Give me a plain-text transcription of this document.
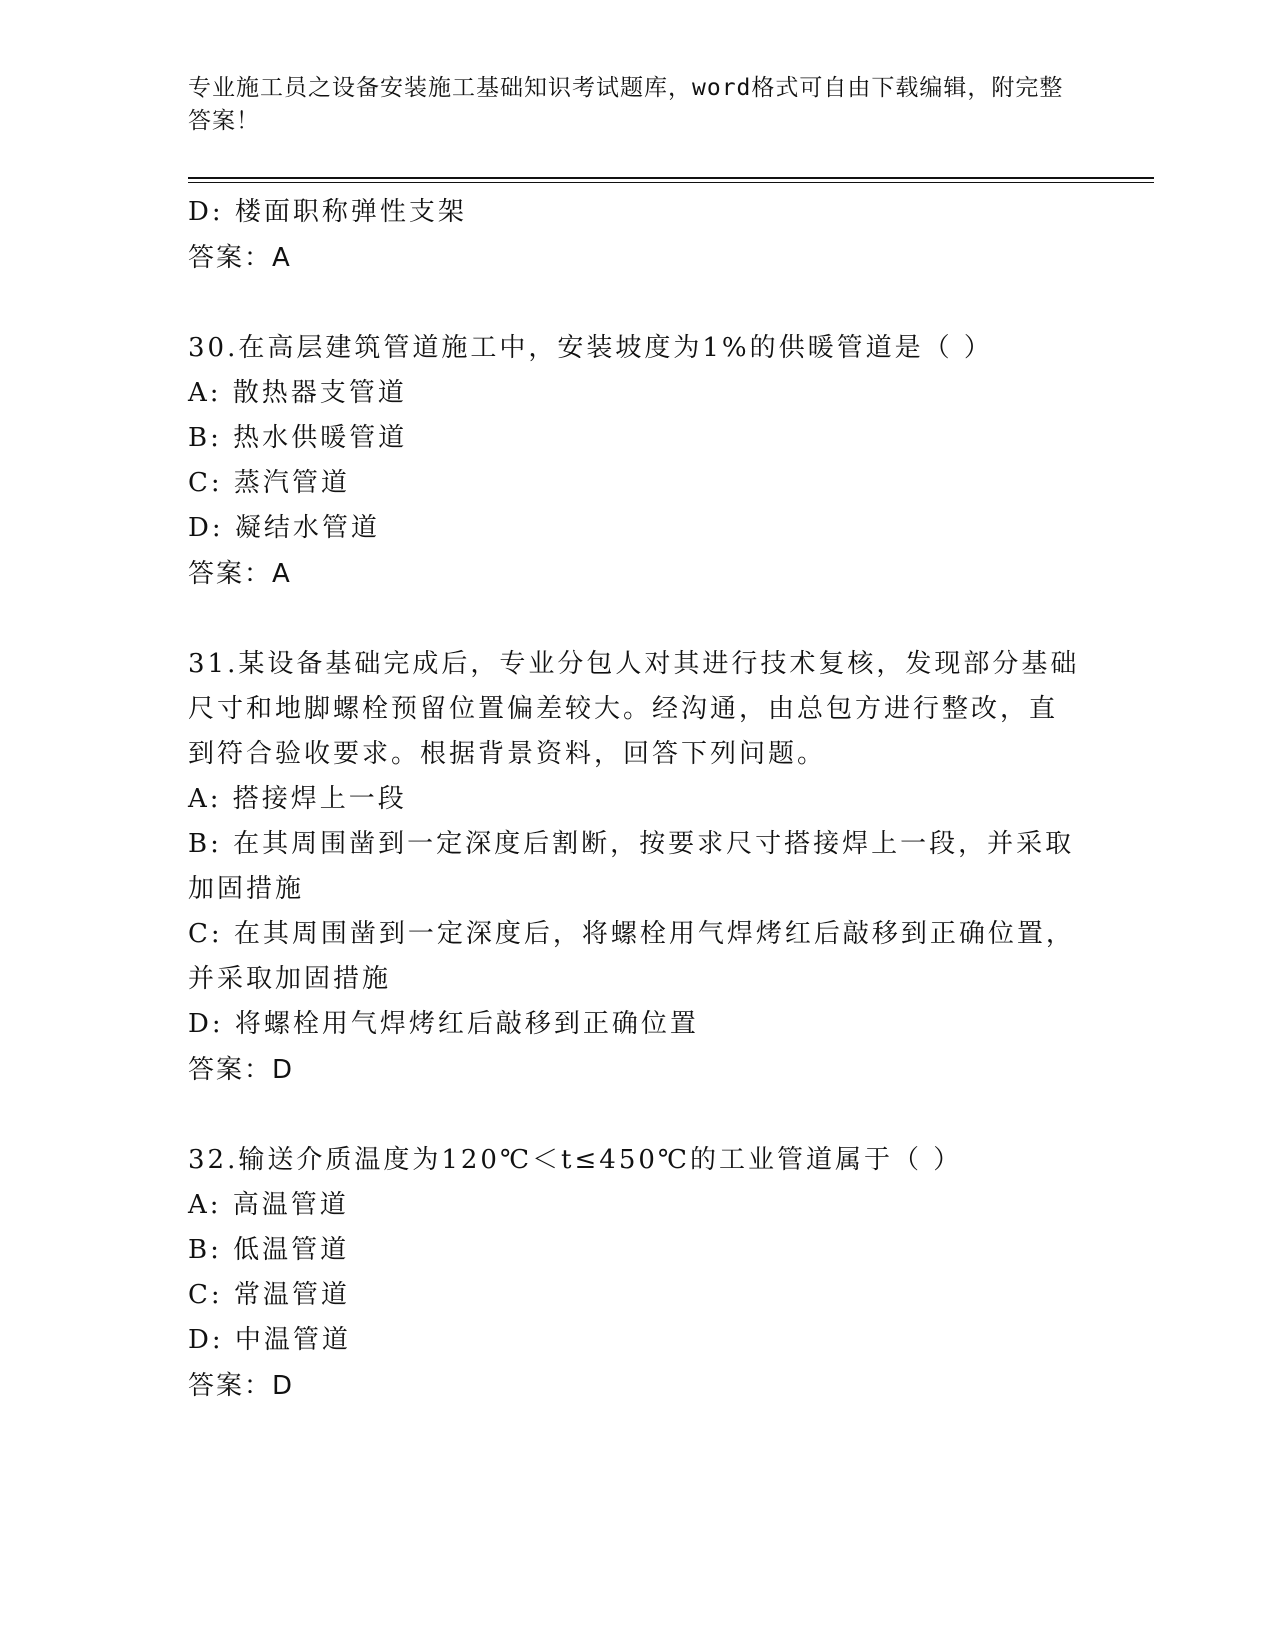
专业施工员之设备安装施工基础知识考试题库，word格式可自由下载编辑，附完整答案！
D: 楼面职称弹性支架
答案：A
30.在高层建筑管道施工中，安装坡度为1%的供暖管道是（ ）
A: 散热器支管道
B: 热水供暖管道
C: 蒸汽管道
D: 凝结水管道
答案：A
31.某设备基础完成后，专业分包人对其进行技术复核，发现部分基础
尺寸和地脚螺栓预留位置偏差较大。经沟通，由总包方进行整改，直
到符合验收要求。根据背景资料，回答下列问题。
A: 搭接焊上一段
B: 在其周围凿到一定深度后割断，按要求尺寸搭接焊上一段，并采取
加固措施
C: 在其周围凿到一定深度后，将螺栓用气焊烤红后敲移到正确位置，
并采取加固措施
D: 将螺栓用气焊烤红后敲移到正确位置
答案：D
32.输送介质温度为120℃＜t≤450℃的工业管道属于（ ）
A: 高温管道
B: 低温管道
C: 常温管道
D: 中温管道
答案：D
